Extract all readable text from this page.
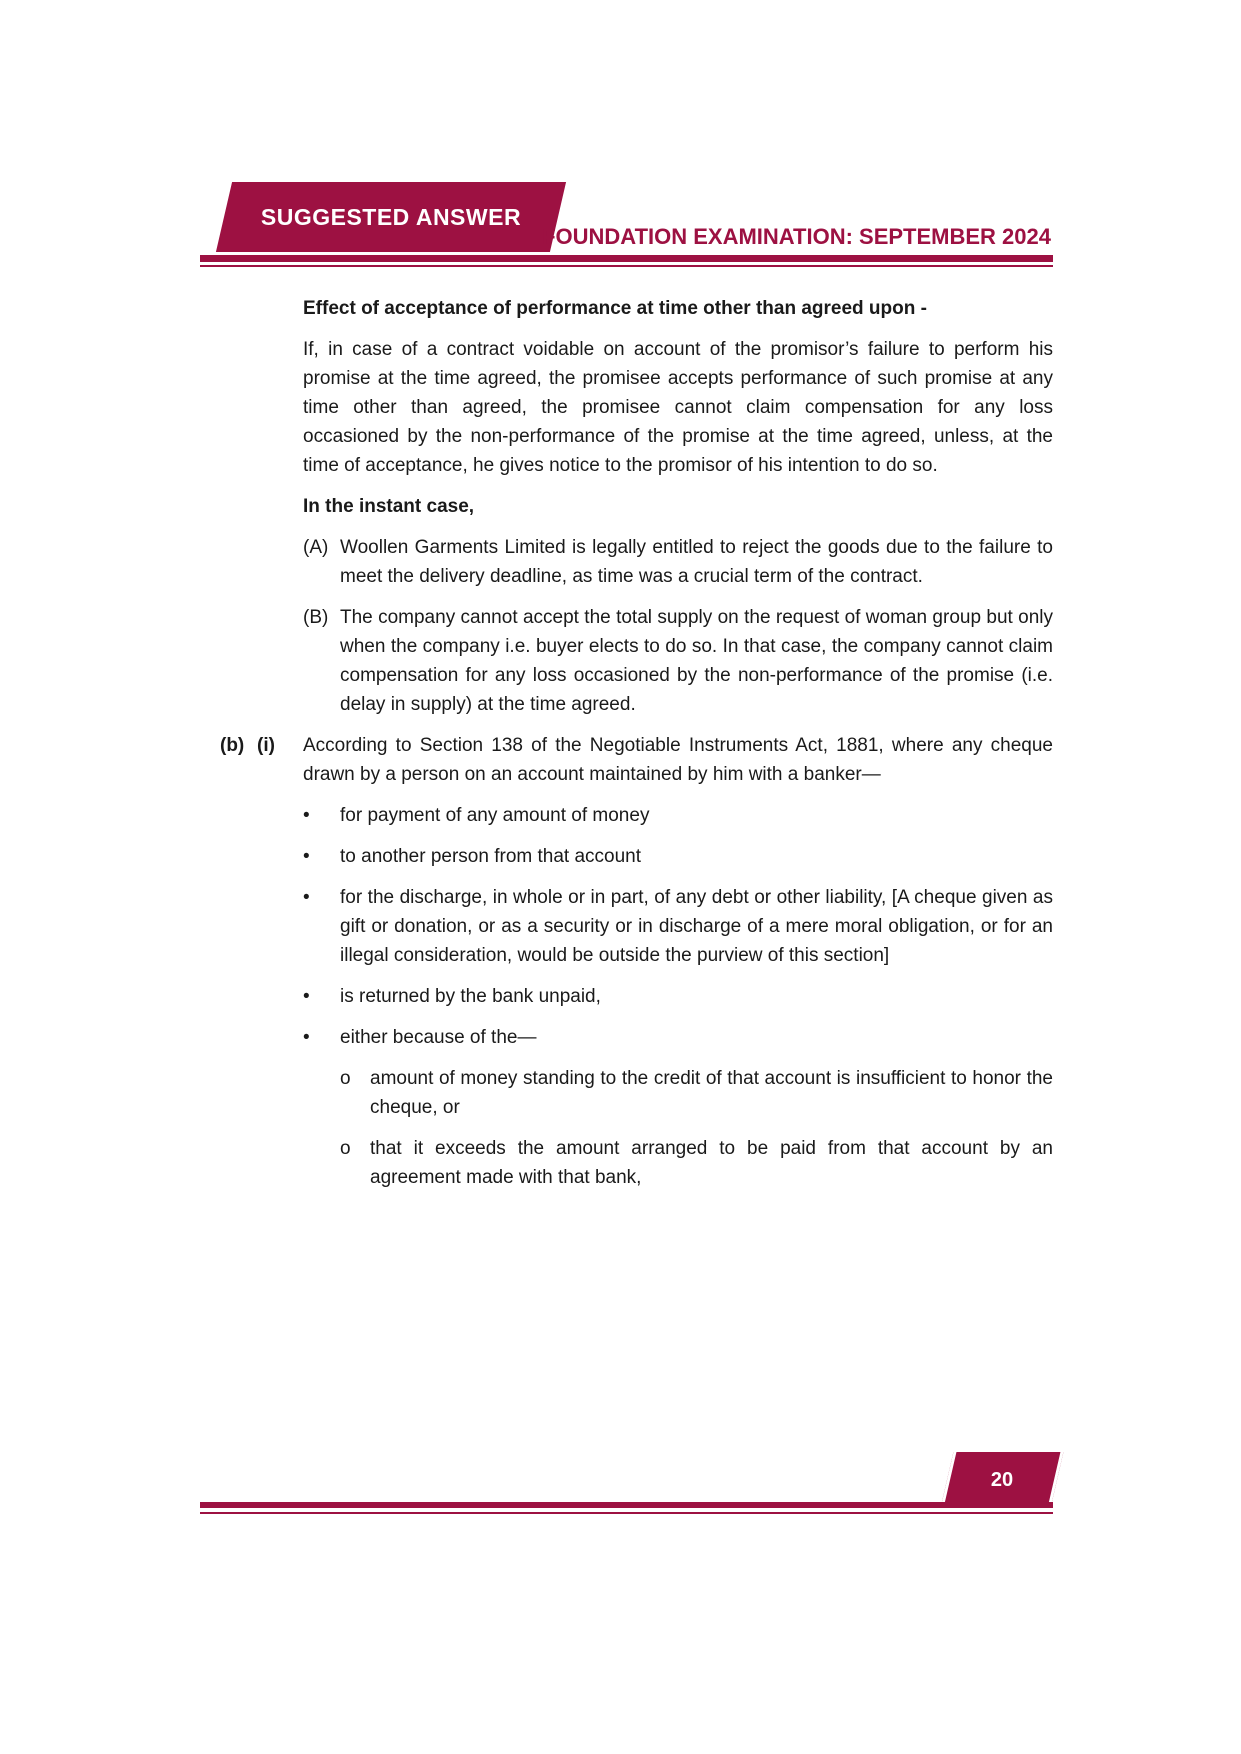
SUGGESTED ANSWER
FOUNDATION EXAMINATION: SEPTEMBER 2024
Effect of acceptance of performance at time other than agreed upon -
If, in case of a contract voidable on account of the promisor’s failure to perform his promise at the time agreed, the promisee accepts performance of such promise at any time other than agreed, the promisee cannot claim compensation for any loss occasioned by the non-performance of the promise at the time agreed, unless, at the time of acceptance, he gives notice to the promisor of his intention to do so.
In the instant case,
(A) Woollen Garments Limited is legally entitled to reject the goods due to the failure to meet the delivery deadline, as time was a crucial term of the contract.
(B) The company cannot accept the total supply on the request of woman group but only when the company i.e. buyer elects to do so. In that case, the company cannot claim compensation for any loss occasioned by the non-performance of the promise (i.e. delay in supply) at the time agreed.
(b) (i)	According to Section 138 of the Negotiable Instruments Act, 1881, where any cheque drawn by a person on an account maintained by him with a banker—
•	for payment of any amount of money
•	to another person from that account
•	for the discharge, in whole or in part, of any debt or other liability, [A cheque given as gift or donation, or as a security or in discharge of a mere moral obligation, or for an illegal consideration, would be outside the purview of this section]
•	is returned by the bank unpaid,
•	either because of the—
o	amount of money standing to the credit of that account is insufficient to honor the cheque, or
o	that it exceeds the amount arranged to be paid from that account by an agreement made with that bank,
20
